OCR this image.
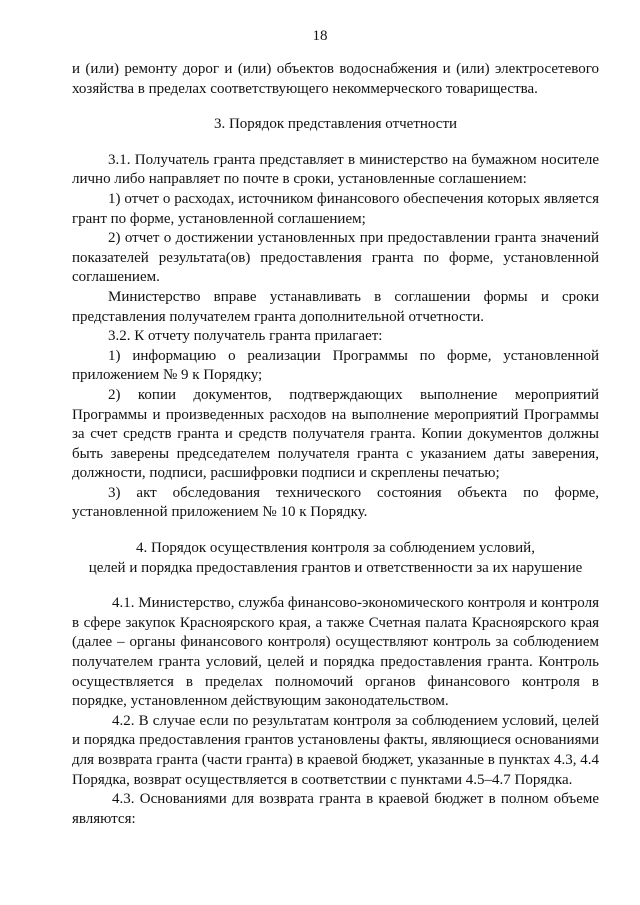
18

и (или) ремонту дорог и (или) объектов водоснабжения и (или) электросетевого хозяйства в пределах соответствующего некоммерческого товарищества.

3. Порядок представления отчетности

3.1. Получатель гранта представляет в министерство на бумажном носителе лично либо направляет по почте в сроки, установленные соглашением:

1) отчет о расходах, источником финансового обеспечения которых является грант по форме, установленной соглашением;

2) отчет о достижении установленных при предоставлении гранта значений показателей результата(ов) предоставления гранта по форме, установленной соглашением.

Министерство вправе устанавливать в соглашении формы и сроки представления получателем гранта дополнительной отчетности.

3.2. К отчету получатель гранта прилагает:

1) информацию о реализации Программы по форме, установленной приложением № 9 к Порядку;

2) копии документов, подтверждающих выполнение мероприятий Программы и произведенных расходов на выполнение мероприятий Программы за счет средств гранта и средств получателя гранта. Копии документов должны быть заверены председателем получателя гранта с указанием даты заверения, должности, подписи, расшифровки подписи и скреплены печатью;

3) акт обследования технического состояния объекта по форме, установленной приложением № 10 к Порядку.

4. Порядок осуществления контроля за соблюдением условий,

целей и порядка предоставления грантов и ответственности за их нарушение

4.1. Министерство, служба финансово-экономического контроля и контроля в сфере закупок Красноярского края, а также Счетная палата Красноярского края (далее – органы финансового контроля) осуществляют контроль за соблюдением получателем гранта условий, целей и порядка предоставления гранта. Контроль осуществляется в пределах полномочий органов финансового контроля в порядке, установленном действующим законодательством.

4.2. В случае если по результатам контроля за соблюдением условий, целей и порядка предоставления грантов установлены факты, являющиеся основаниями для возврата гранта (части гранта) в краевой бюджет, указанные в пунктах 4.3, 4.4 Порядка, возврат осуществляется в соответствии с пунктами 4.5–4.7 Порядка.

4.3. Основаниями для возврата гранта в краевой бюджет в полном объеме являются:
